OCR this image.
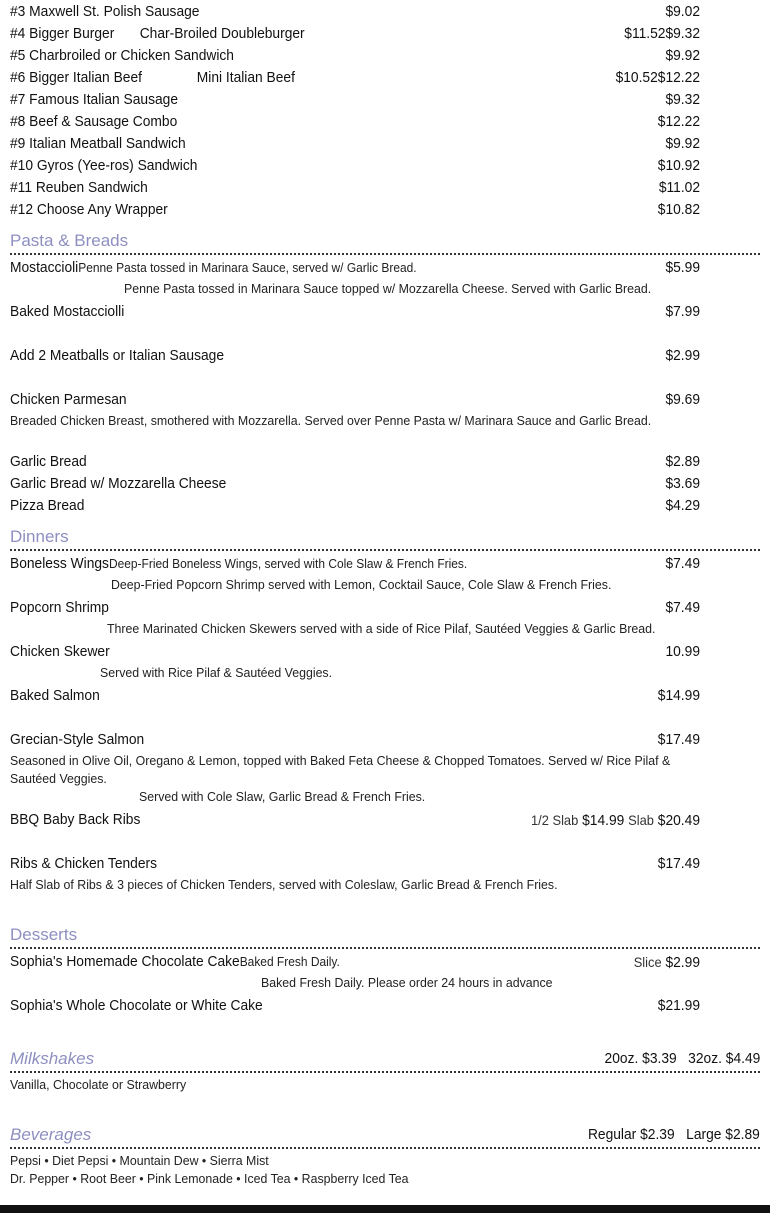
#3 Maxwell St. Polish Sausage	$9.02
#4 Bigger Burger Char-Broiled Doubleburger	$11.52$9.32
#5 Charbroiled or Chicken Sandwich	$9.92
#6 Bigger Italian Beef	Mini Italian Beef	$10.52$12.22
#7 Famous Italian Sausage	$9.32
#8 Beef & Sausage Combo	$12.22
#9 Italian Meatball Sandwich	$9.92
#10 Gyros (Yee-ros) Sandwich	$10.92
#11 Reuben Sandwich	$11.02
#12 Choose Any Wrapper	$10.82
Pasta & Breads
MostaccioliPenne Pasta tossed in Marinara Sauce, served w/ Garlic Bread.	$5.99
Penne Pasta tossed in Marinara Sauce topped w/ Mozzarella Cheese. Served with Garlic Bread.
Baked Mostacciolli	$7.99
Add 2 Meatballs or Italian Sausage	$2.99
Chicken Parmesan	$9.69
Breaded Chicken Breast, smothered with Mozzarella. Served over Penne Pasta w/ Marinara Sauce and Garlic Bread.
Garlic Bread	$2.89
Garlic Bread w/ Mozzarella Cheese	$3.69
Pizza Bread	$4.29
Dinners
Boneless WingsDeep-Fried Boneless Wings, served with Cole Slaw & French Fries.	$7.49
Deep-Fried Popcorn Shrimp served with Lemon, Cocktail Sauce, Cole Slaw & French Fries.
Popcorn Shrimp	$7.49
Three Marinated Chicken Skewers served with a side of Rice Pilaf, Sautéed Veggies & Garlic Bread.
Chicken Skewer	10.99
Served with Rice Pilaf & Sautéed Veggies.
Baked Salmon	$14.99
Grecian-Style Salmon	$17.49
Seasoned in Olive Oil, Oregano & Lemon, topped with Baked Feta Cheese & Chopped Tomatoes. Served w/ Rice Pilaf & Sautéed Veggies.
Served with Cole Slaw, Garlic Bread & French Fries.
BBQ Baby Back Ribs	1/2 Slab $14.99 Slab $20.49
Ribs & Chicken Tenders	$17.49
Half Slab of Ribs & 3 pieces of Chicken Tenders, served with Coleslaw, Garlic Bread & French Fries.
Desserts
Sophia's Homemade Chocolate CakeBaked Fresh Daily.	Slice $2.99
Baked Fresh Daily. Please order 24 hours in advance
Sophia's Whole Chocolate or White Cake	$21.99
Milkshakes	20oz. $3.39   32oz. $4.49
Vanilla, Chocolate or Strawberry
Beverages	Regular $2.39   Large $2.89
Pepsi • Diet Pepsi • Mountain Dew • Sierra Mist
Dr. Pepper • Root Beer • Pink Lemonade • Iced Tea • Raspberry Iced Tea
